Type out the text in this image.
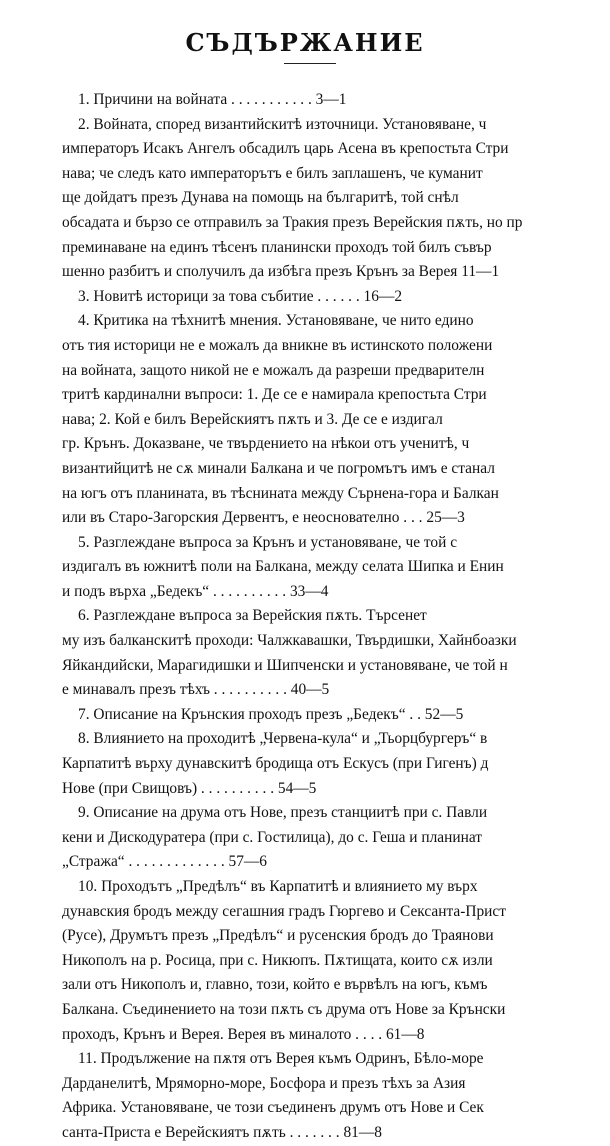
СЪДЪРЖАНИЕ
1. Причини на войната . . . . . . . . . . . 3—1
2. Войната, според византийскитѣ източници. Установяване, ч
императоръ Исакъ Ангелъ обсадилъ царь Асена въ крепостьта Стри
нава; че следъ като императорътъ е билъ заплашенъ, че куманит
ще дойдатъ презъ Дунава на помощь на българитѣ, той снѣл
обсадата и бързо се отправилъ за Тракия презъ Верейския пѫть, но пр
преминаване на единъ тѣсенъ планински проходъ той билъ съвър
шенно разбитъ и сполучилъ да избѣга презъ Крънъ за Верея 11—1
3. Новитѣ историци за това събитие . . . . . . 16—2
4. Критика на тѣхнитѣ мнения. Установяване, че нито едино
отъ тия историци не е можалъ да вникне въ истинското положени
на войната, защото никой не е можалъ да разреши предварителн
тритѣ кардинални въпроси: 1. Де се е намирала крепостьта Стри
нава; 2. Кой е билъ Верейскиятъ пѫть и 3. Де се е издигал
гр. Крънъ. Доказване, че твърдението на нѣкои отъ ученитѣ, ч
византийцитѣ не сѫ минали Балкана и че погромътъ имъ е станал
на югъ отъ планината, въ тѣснината между Сърнена-гора и Балкан
или въ Старо-Загорския Дервентъ, е неоснователно . . . 25—3
5. Разглеждане въпроса за Крънъ и установяване, че той с
издигалъ въ южнитѣ поли на Балкана, между селата Шипка и Енин
и подъ върха „Бедекъ“ . . . . . . . . . . 33—4
6. Разглеждане въпроса за Верейския пѫть. Търсенет
му изъ балканскитѣ проходи: Чалжкавашки, Твърдишки, Хайнбоазки
Яйкандийски, Марагидишки и Шипченски и установяване, че той н
е минавалъ презъ тѣхъ . . . . . . . . . . 40—5
7. Описание на Крънския проходъ презъ „Бедекъ“ . . 52—5
8. Влиянието на проходитѣ „Червена-кула“ и „Тьорцбургеръ“ в
Карпатитѣ върху дунавскитѣ бродища отъ Ескусъ (при Гигенъ) д
Нове (при Свищовъ) . . . . . . . . . . 54—5
9. Описание на друма отъ Нове, презъ станциитѣ при с. Павли
кени и Дискодуратера (при с. Гостилица), до с. Геша и планинат
„Стража“ . . . . . . . . . . . . . 57—6
10. Проходътъ „Предѣлъ“ въ Карпатитѣ и влиянието му върх
дунавския бродъ между сегашния градъ Гюргево и Сексанта-Прист
(Русе), Друмътъ презъ „Предѣлъ“ и русенския бродъ до Траянови
Никополъ на р. Росица, при с. Никюпъ. Пѫтищата, които сѫ изли
зали отъ Никополъ и, главно, този, който е вървѣлъ на югъ, къмъ
Балкана. Съединението на този пѫть съ друма отъ Нове за Крънски
проходъ, Крънъ и Верея. Верея въ миналото . . . . 61—8
11. Продължение на пѫтя отъ Верея къмъ Одринъ, Бѣло-море
Дарданелитѣ, Мряморно-море, Босфора и презъ тѣхъ за Азия
Африка. Установяване, че този съединенъ друмъ отъ Нове и Сек
санта-Приста е Верейскиятъ пѫть . . . . . . . 81—8
